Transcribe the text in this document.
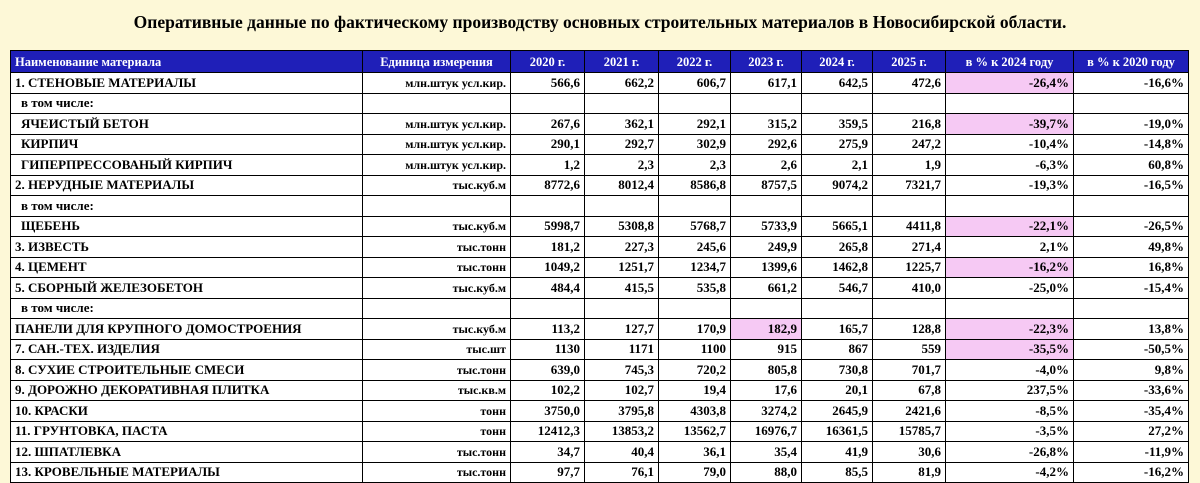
Оперативные данные по фактическому производству основных строительных материалов в Новосибирской области.
Наименование материала	Единица измерения	2020 г.	2021 г.	2022 г.	2023 г.	2024 г.	2025 г.	в % к 2024 году	в % к 2020 году
1. СТЕНОВЫЕ МАТЕРИАЛЫ	млн.штук усл.кир.	566,6	662,2	606,7	617,1	642,5	472,6	-26,4%	-16,6%
в том числе:									
ЯЧЕИСТЫЙ БЕТОН	млн.штук усл.кир.	267,6	362,1	292,1	315,2	359,5	216,8	-39,7%	-19,0%
КИРПИЧ	млн.штук усл.кир.	290,1	292,7	302,9	292,6	275,9	247,2	-10,4%	-14,8%
ГИПЕРПРЕССОВАНЫЙ КИРПИЧ	млн.штук усл.кир.	1,2	2,3	2,3	2,6	2,1	1,9	-6,3%	60,8%
2. НЕРУДНЫЕ МАТЕРИАЛЫ	тыс.куб.м	8772,6	8012,4	8586,8	8757,5	9074,2	7321,7	-19,3%	-16,5%
в том числе:									
ЩЕБЕНЬ	тыс.куб.м	5998,7	5308,8	5768,7	5733,9	5665,1	4411,8	-22,1%	-26,5%
3. ИЗВЕСТЬ	тыс.тонн	181,2	227,3	245,6	249,9	265,8	271,4	2,1%	49,8%
4. ЦЕМЕНТ	тыс.тонн	1049,2	1251,7	1234,7	1399,6	1462,8	1225,7	-16,2%	16,8%
5. СБОРНЫЙ ЖЕЛЕЗОБЕТОН	тыс.куб.м	484,4	415,5	535,8	661,2	546,7	410,0	-25,0%	-15,4%
в том числе:									
ПАНЕЛИ ДЛЯ КРУПНОГО ДОМОСТРОЕНИЯ	тыс.куб.м	113,2	127,7	170,9	182,9	165,7	128,8	-22,3%	13,8%
7. САН.-ТЕХ. ИЗДЕЛИЯ	тыс.шт	1130	1171	1100	915	867	559	-35,5%	-50,5%
8. СУХИЕ СТРОИТЕЛЬНЫЕ СМЕСИ	тыс.тонн	639,0	745,3	720,2	805,8	730,8	701,7	-4,0%	9,8%
9. ДОРОЖНО ДЕКОРАТИВНАЯ ПЛИТКА	тыс.кв.м	102,2	102,7	19,4	17,6	20,1	67,8	237,5%	-33,6%
10. КРАСКИ	тонн	3750,0	3795,8	4303,8	3274,2	2645,9	2421,6	-8,5%	-35,4%
11. ГРУНТОВКА, ПАСТА	тонн	12412,3	13853,2	13562,7	16976,7	16361,5	15785,7	-3,5%	27,2%
12. ШПАТЛЕВКА	тыс.тонн	34,7	40,4	36,1	35,4	41,9	30,6	-26,8%	-11,9%
13. КРОВЕЛЬНЫЕ МАТЕРИАЛЫ	тыс.тонн	97,7	76,1	79,0	88,0	85,5	81,9	-4,2%	-16,2%
